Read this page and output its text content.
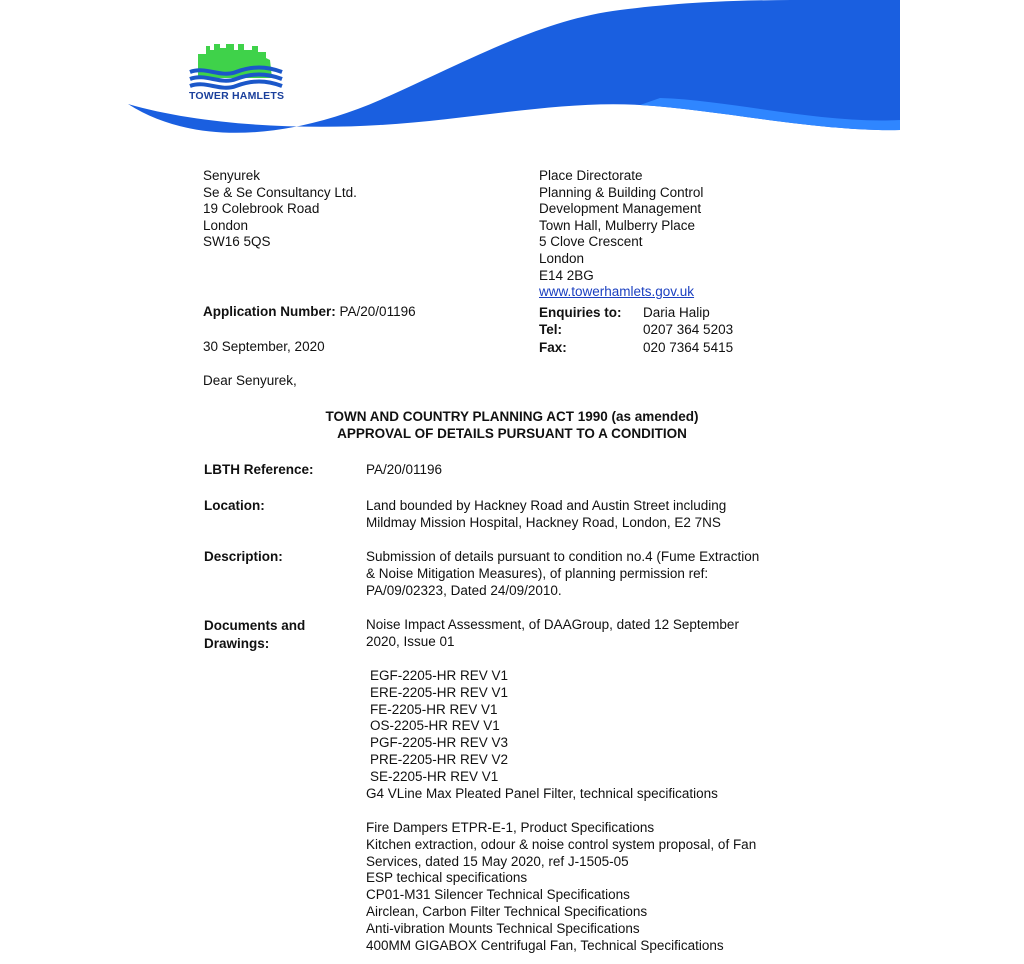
TOWER HAMLETS
Senyurek
Se & Se Consultancy Ltd.
19 Colebrook Road
London
SW16 5QS
Place Directorate
Planning & Building Control
Development Management
Town Hall, Mulberry Place
5 Clove Crescent
London
E14 2BG
www.towerhamlets.gov.uk
Application Number: PA/20/01196	Enquiries to:	Daria Halip
Tel:	0207 364 5203
Fax:	020 7364 5415
30 September, 2020
Dear Senyurek,
TOWN AND COUNTRY PLANNING ACT 1990 (as amended)
APPROVAL OF DETAILS PURSUANT TO A CONDITION
LBTH Reference:	PA/20/01196
Location:	Land bounded by Hackney Road and Austin Street including
Mildmay Mission Hospital, Hackney Road, London, E2 7NS
Description:	Submission of details pursuant to condition no.4 (Fume Extraction
& Noise Mitigation Measures), of planning permission ref:
PA/09/02323, Dated 24/09/2010.
Documents and
Drawings:
Noise Impact Assessment, of DAAGroup, dated 12 September
2020, Issue 01
EGF-2205-HR REV V1
ERE-2205-HR REV V1
FE-2205-HR REV V1
OS-2205-HR REV V1
PGF-2205-HR REV V3
PRE-2205-HR REV V2
SE-2205-HR REV V1
G4 VLine Max Pleated Panel Filter, technical specifications
Fire Dampers ETPR-E-1, Product Specifications
Kitchen extraction, odour & noise control system proposal, of Fan
Services, dated 15 May 2020, ref J-1505-05
ESP techical specifications
CP01-M31 Silencer Technical Specifications
Airclean, Carbon Filter Technical Specifications
Anti-vibration Mounts Technical Specifications
400MM GIGABOX Centrifugal Fan, Technical Specifications
